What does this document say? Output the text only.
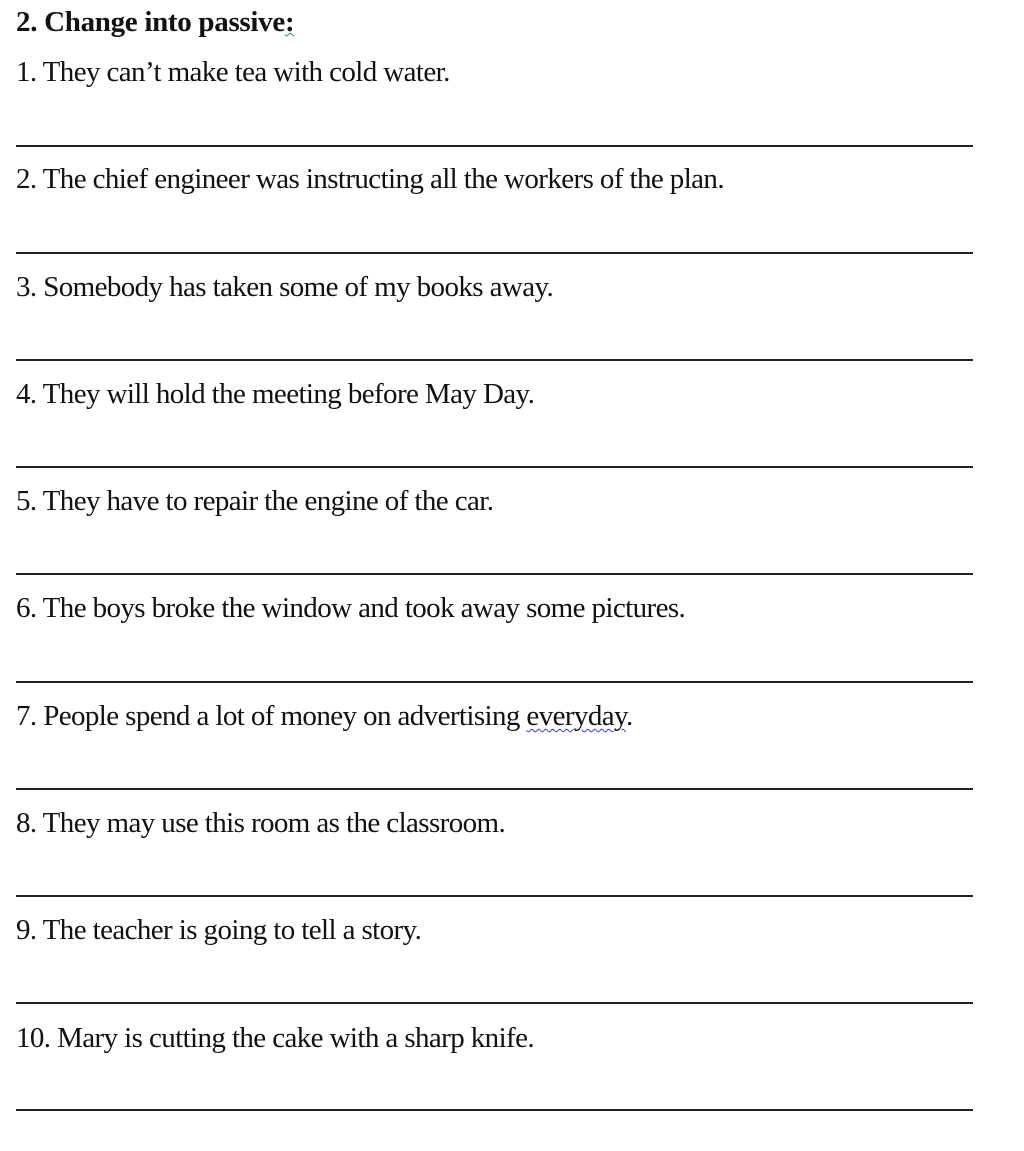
2. Change into passive:
1. They can’t make tea with cold water.
2. The chief engineer was instructing all the workers of the plan.
3. Somebody has taken some of my books away.
4. They will hold the meeting before May Day.
5. They have to repair the engine of the car.
6. The boys broke the window and took away some pictures.
7. People spend a lot of money on advertising everyday.
8. They may use this room as the classroom.
9. The teacher is going to tell a story.
10. Mary is cutting the cake with a sharp knife.
